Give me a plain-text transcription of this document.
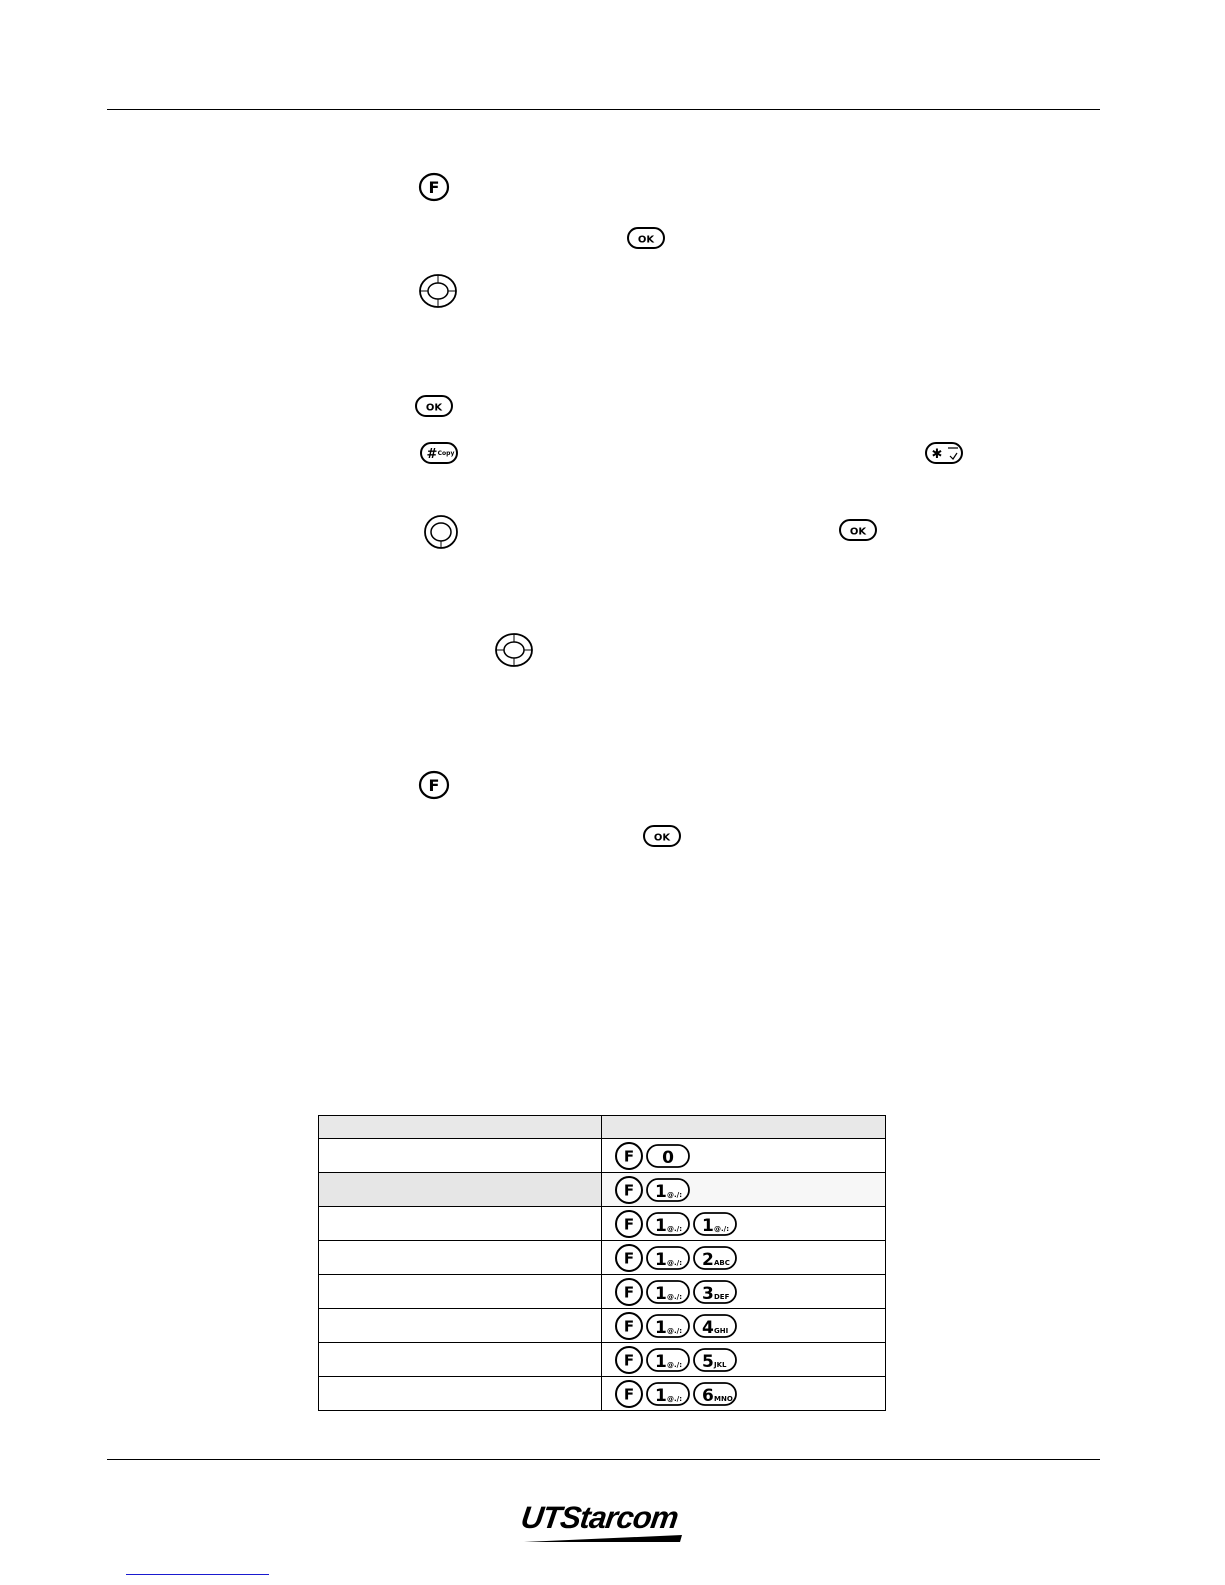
F
OK
OK
# Copy	✱
OK
F
OK

F 0

F 1 @./:

F 1 @./: 1 @./:

F 1 @./: 2 ABC

F 1 @./: 3 DEF

F 1 @./: 4 GHI

F 1 @./: 5 JKL

F 1 @./: 6 MNO
UTStarcom
